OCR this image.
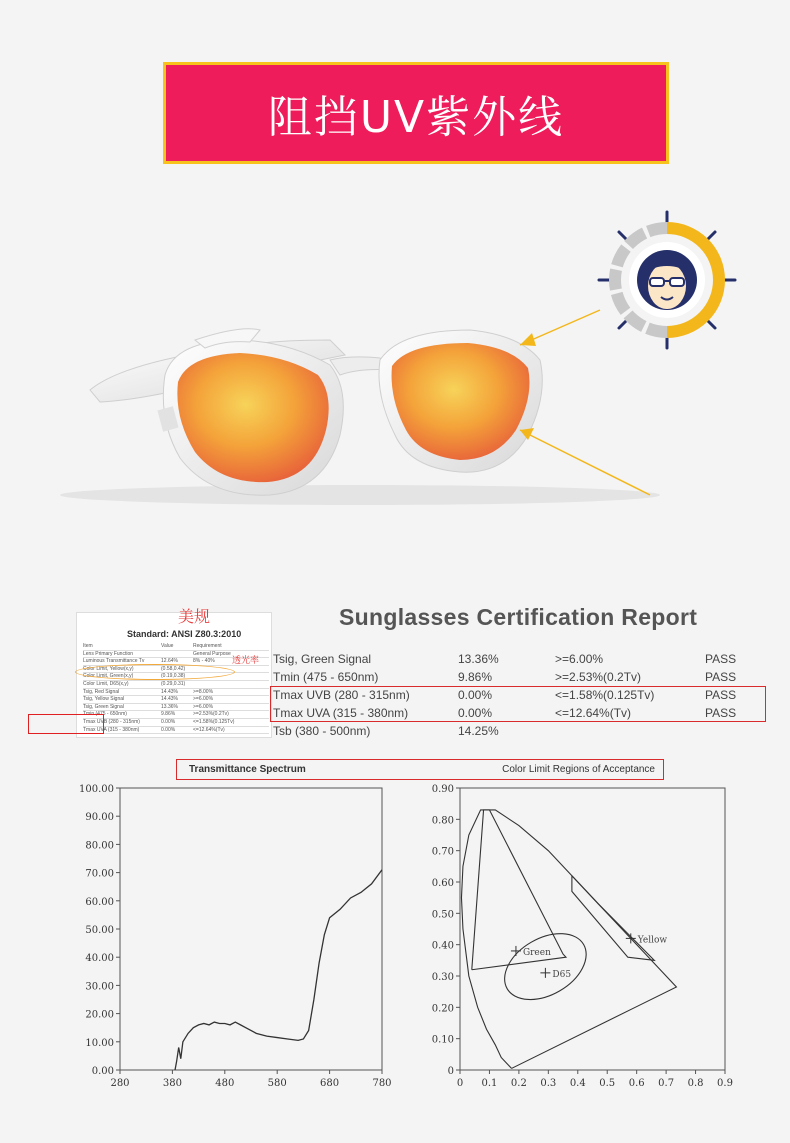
阻挡UV紫外线
Standard: ANSI Z80.3:2010
Item	Value	Requirement
Lens Primary Function	General Purpose
Luminous Transmittance Tv	12.64%	8% - 40%
Color Limit, Yellow(x,y)	(0.58,0.42)
Color Limit, Green(x,y)	(0.19,0.38)
Color Limit, D65(x,y)	(0.29,0.31)
Tsig, Red Signal	14.43%	>=8.00%
Tsig, Yellow Signal	14.43%	>=6.00%
Tsig, Green Signal	13.36%	>=6.00%
Tmin (475 - 650nm)	9.86%	>=2.53%(0.2Tv)
Tmax UVB (280 - 315nm)	0.00%	<=1.58%(0.125Tv)
Tmax UVA (315 - 380nm)	0.00%	<=12.64%(Tv)
美规
透光率
Sunglasses Certification Report
Tsig, Green Signal	13.36%	>=6.00%	PASS
Tmin (475 - 650nm)	9.86%	>=2.53%(0.2Tv)	PASS
Tmax UVB (280 - 315nm)	0.00%	<=1.58%(0.125Tv)	PASS
Tmax UVA (315 - 380nm)	0.00%	<=12.64%(Tv)	PASS
Tsb (380 - 500nm)	14.25%
Transmittance Spectrum	Color Limit Regions of Acceptance
0.00
10.00
20.00
30.00
40.00
50.00
60.00
70.00
80.00
90.00
100.00
280	380	480	580	680	780
0
0.10
0.20
0.30
0.40
0.50
0.60
0.70
0.80
0.90
0 0.1 0.2 0.3 0.4 0.5 0.6 0.7 0.8 0.9
Yellow
Green
D65
